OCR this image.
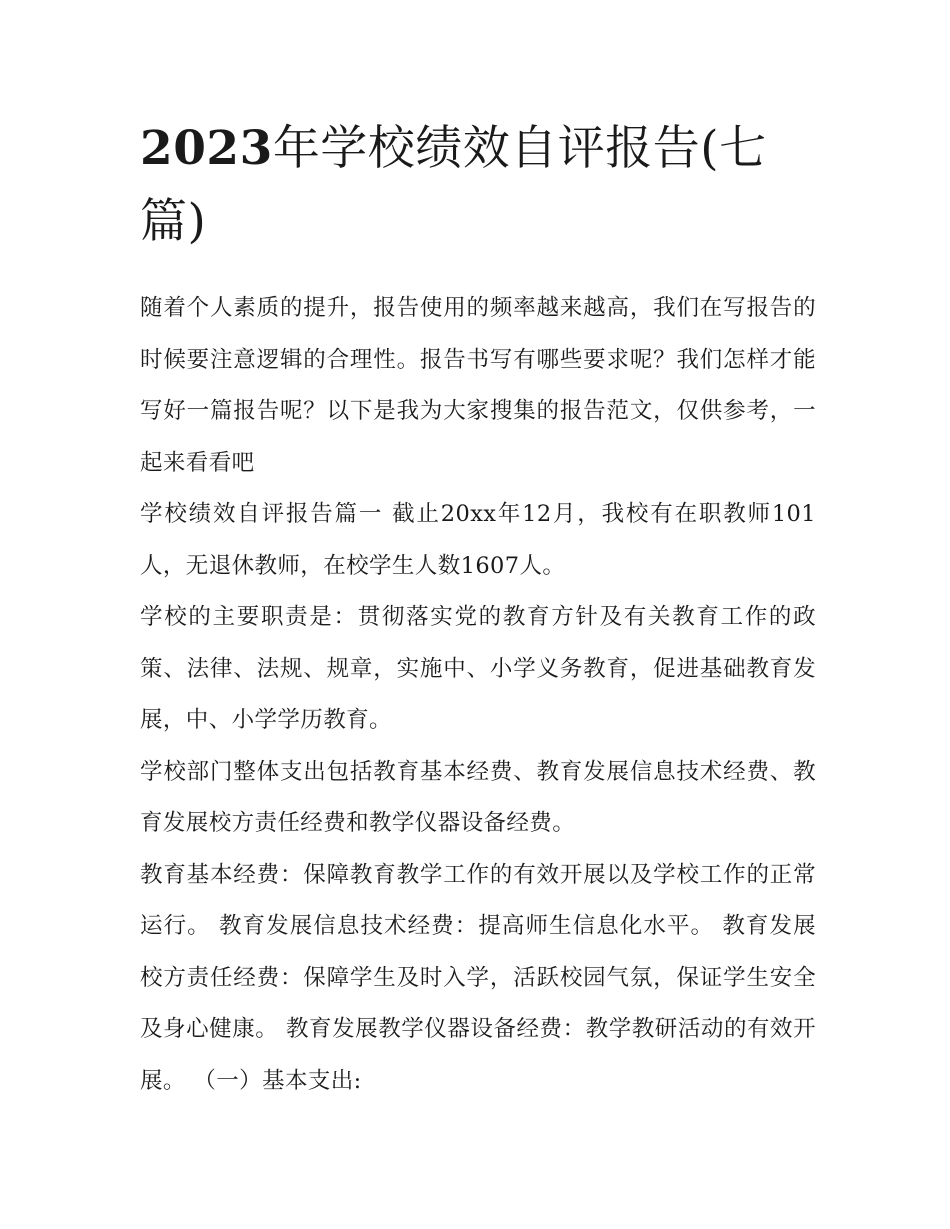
2023年学校绩效自评报告(七篇)

随着个人素质的提升，报告使用的频率越来越高，我们在写报告的时候要注意逻辑的合理性。报告书写有哪些要求呢？我们怎样才能写好一篇报告呢？以下是我为大家搜集的报告范文，仅供参考，一起来看看吧

学校绩效自评报告篇一 截止20xx年12月，我校有在职教师101人，无退休教师，在校学生人数1607人。

学校的主要职责是：贯彻落实党的教育方针及有关教育工作的政策、法律、法规、规章，实施中、小学义务教育，促进基础教育发展，中、小学学历教育。

学校部门整体支出包括教育基本经费、教育发展信息技术经费、教育发展校方责任经费和教学仪器设备经费。

教育基本经费：保障教育教学工作的有效开展以及学校工作的正常运行。 教育发展信息技术经费：提高师生信息化水平。 教育发展校方责任经费：保障学生及时入学，活跃校园气氛，保证学生安全及身心健康。 教育发展教学仪器设备经费：教学教研活动的有效开展。 （一）基本支出:
